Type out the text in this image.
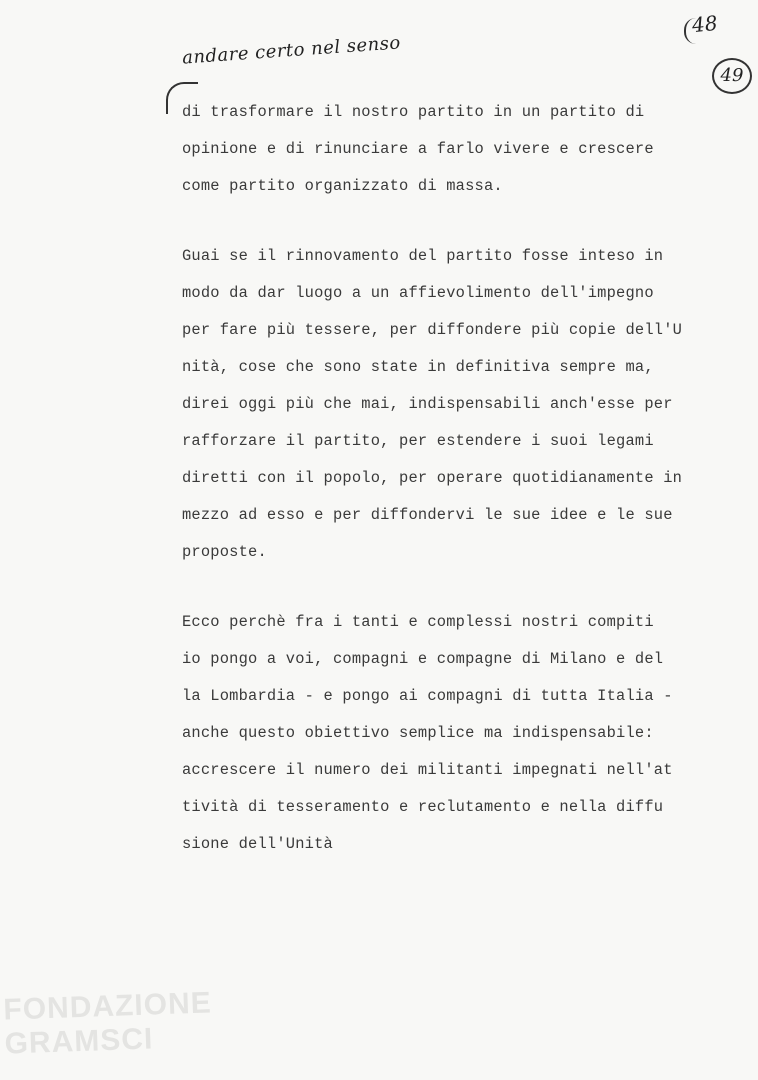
48
49
andare certo nel senso
di trasformare il nostro partito in un partito di
opinione e di rinunciare a farlo vivere e crescere
come partito organizzato di massa.
Guai se il rinnovamento del partito fosse inteso in
modo da dar luogo a un affievolimento dell'impegno
per fare più tessere, per diffondere più copie dell'U
nità, cose che sono state in definitiva sempre ma,
direi oggi più che mai, indispensabili anch'esse per
rafforzare il partito, per estendere i suoi legami
diretti con il popolo, per operare quotidianamente in
mezzo ad esso e per diffondervi le sue idee e le sue
proposte.
Ecco perchè fra i tanti e complessi nostri compiti
io pongo a voi, compagni e compagne di Milano e del
la Lombardia - e pongo ai compagni di tutta Italia -
anche questo obiettivo semplice ma indispensabile:
accrescere il numero dei militanti impegnati nell'at
tività di tesseramento e reclutamento e nella diffu
sione dell'Unità
FONDAZIONE
GRAMSCI
